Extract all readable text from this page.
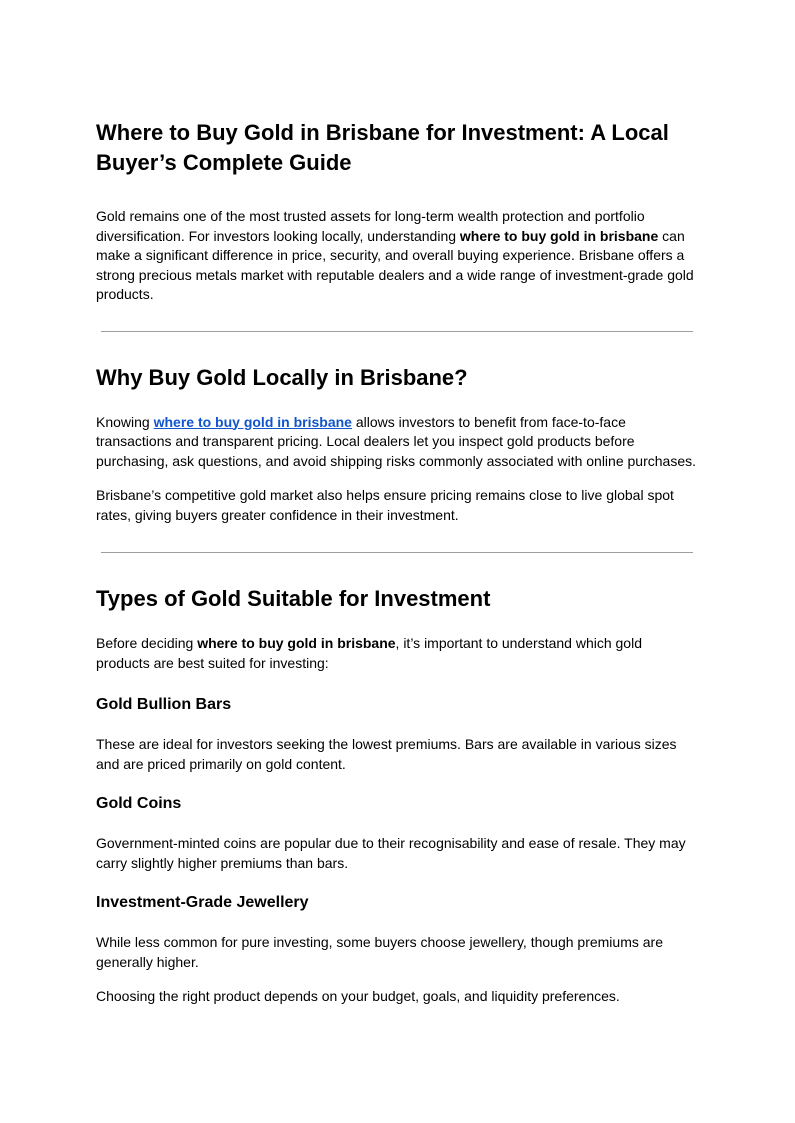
Where to Buy Gold in Brisbane for Investment: A Local Buyer’s Complete Guide

Gold remains one of the most trusted assets for long-term wealth protection and portfolio diversification. For investors looking locally, understanding where to buy gold in brisbane can make a significant difference in price, security, and overall buying experience. Brisbane offers a strong precious metals market with reputable dealers and a wide range of investment-grade gold products.

Why Buy Gold Locally in Brisbane?

Knowing where to buy gold in brisbane allows investors to benefit from face-to-face transactions and transparent pricing. Local dealers let you inspect gold products before purchasing, ask questions, and avoid shipping risks commonly associated with online purchases.

Brisbane’s competitive gold market also helps ensure pricing remains close to live global spot rates, giving buyers greater confidence in their investment.

Types of Gold Suitable for Investment

Before deciding where to buy gold in brisbane, it’s important to understand which gold products are best suited for investing:

Gold Bullion Bars

These are ideal for investors seeking the lowest premiums. Bars are available in various sizes and are priced primarily on gold content.

Gold Coins

Government-minted coins are popular due to their recognisability and ease of resale. They may carry slightly higher premiums than bars.

Investment-Grade Jewellery

While less common for pure investing, some buyers choose jewellery, though premiums are generally higher.

Choosing the right product depends on your budget, goals, and liquidity preferences.
